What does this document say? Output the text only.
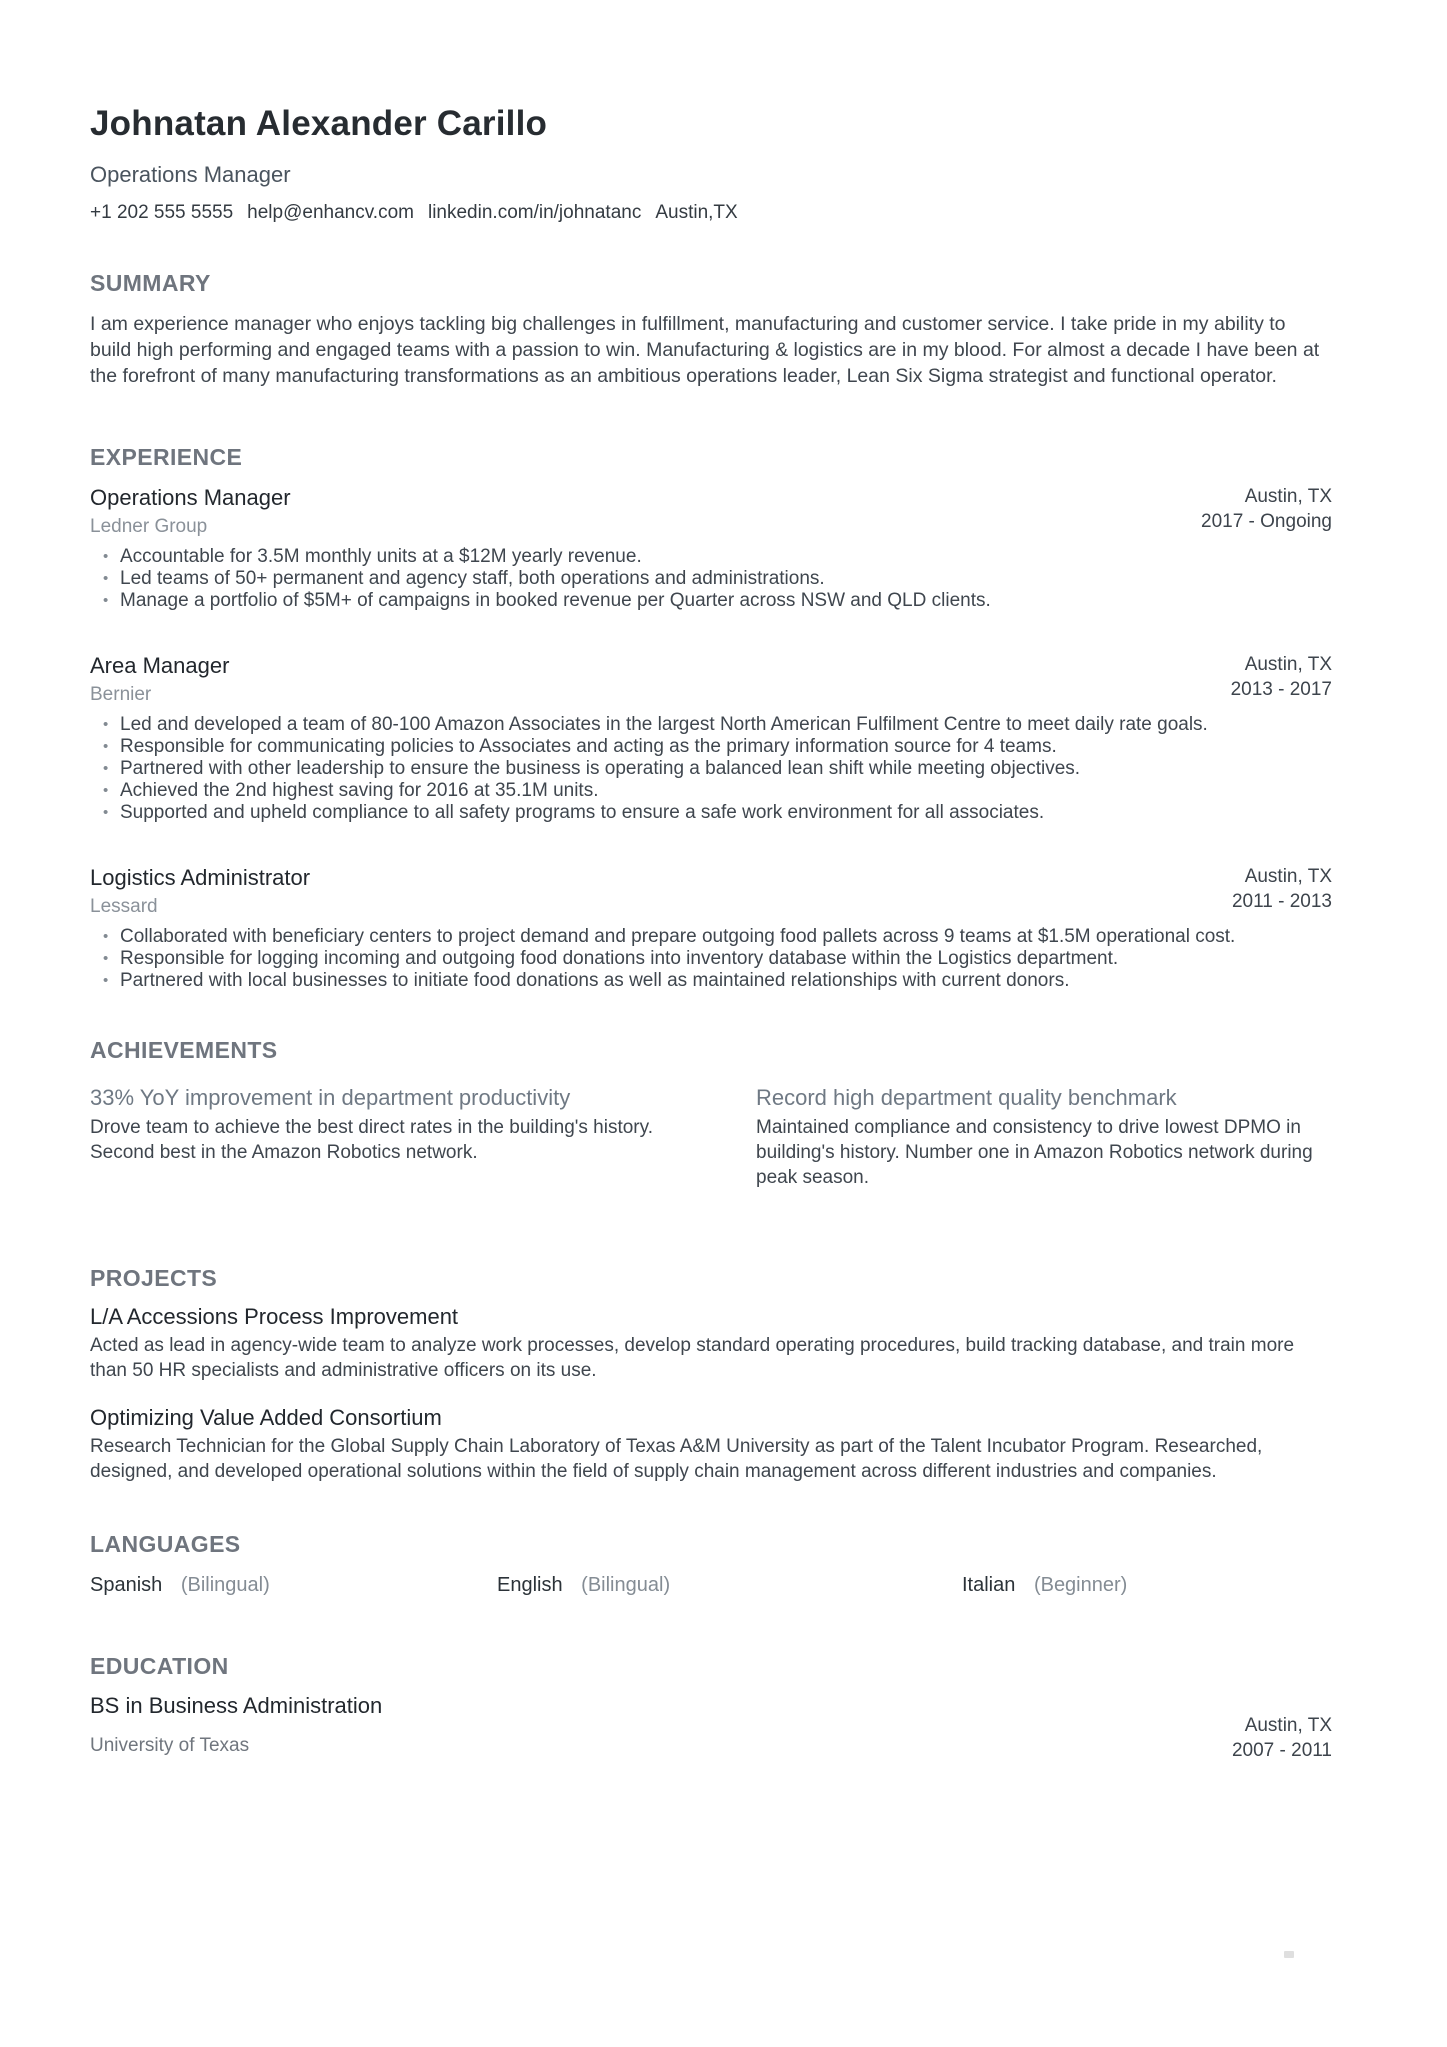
Johnatan Alexander Carillo
Operations Manager
+1 202 555 5555 help@enhancv.com linkedin.com/in/johnatanc Austin,TX
SUMMARY

I am experience manager who enjoys tackling big challenges in fulfillment, manufacturing and customer service. I take pride in my ability to build high performing and engaged teams with a passion to win. Manufacturing & logistics are in my blood. For almost a decade I have been at the forefront of many manufacturing transformations as an ambitious operations leader, Lean Six Sigma strategist and functional operator.

EXPERIENCE
Operations Manager
Ledner Group
Austin, TX
2017 - Ongoing
• Accountable for 3.5M monthly units at a $12M yearly revenue.
• Led teams of 50+ permanent and agency staff, both operations and administrations.
• Manage a portfolio of $5M+ of campaigns in booked revenue per Quarter across NSW and QLD clients.
Area Manager
Bernier
Austin, TX
2013 - 2017
• Led and developed a team of 80-100 Amazon Associates in the largest North American Fulfilment Centre to meet daily rate goals.
• Responsible for communicating policies to Associates and acting as the primary information source for 4 teams.
• Partnered with other leadership to ensure the business is operating a balanced lean shift while meeting objectives.
• Achieved the 2nd highest saving for 2016 at 35.1M units.
• Supported and upheld compliance to all safety programs to ensure a safe work environment for all associates.
Logistics Administrator
Lessard
Austin, TX
2011 - 2013
• Collaborated with beneficiary centers to project demand and prepare outgoing food pallets across 9 teams at $1.5M operational cost.
• Responsible for logging incoming and outgoing food donations into inventory database within the Logistics department.
• Partnered with local businesses to initiate food donations as well as maintained relationships with current donors.
ACHIEVEMENTS
33% YoY improvement in department productivity

Drove team to achieve the best direct rates in the building's history. Second best in the Amazon Robotics network.

Record high department quality benchmark

Maintained compliance and consistency to drive lowest DPMO in building's history. Number one in Amazon Robotics network during peak season.

PROJECTS
L/A Accessions Process Improvement

Acted as lead in agency-wide team to analyze work processes, develop standard operating procedures, build tracking database, and train more than 50 HR specialists and administrative officers on its use.

Optimizing Value Added Consortium

Research Technician for the Global Supply Chain Laboratory of Texas A&M University as part of the Talent Incubator Program. Researched, designed, and developed operational solutions within the field of supply chain management across different industries and companies.

LANGUAGES
Spanish (Bilingual)	English (Bilingual)	Italian (Beginner)
EDUCATION
BS in Business Administration
University of Texas
Austin, TX
2007 - 2011
